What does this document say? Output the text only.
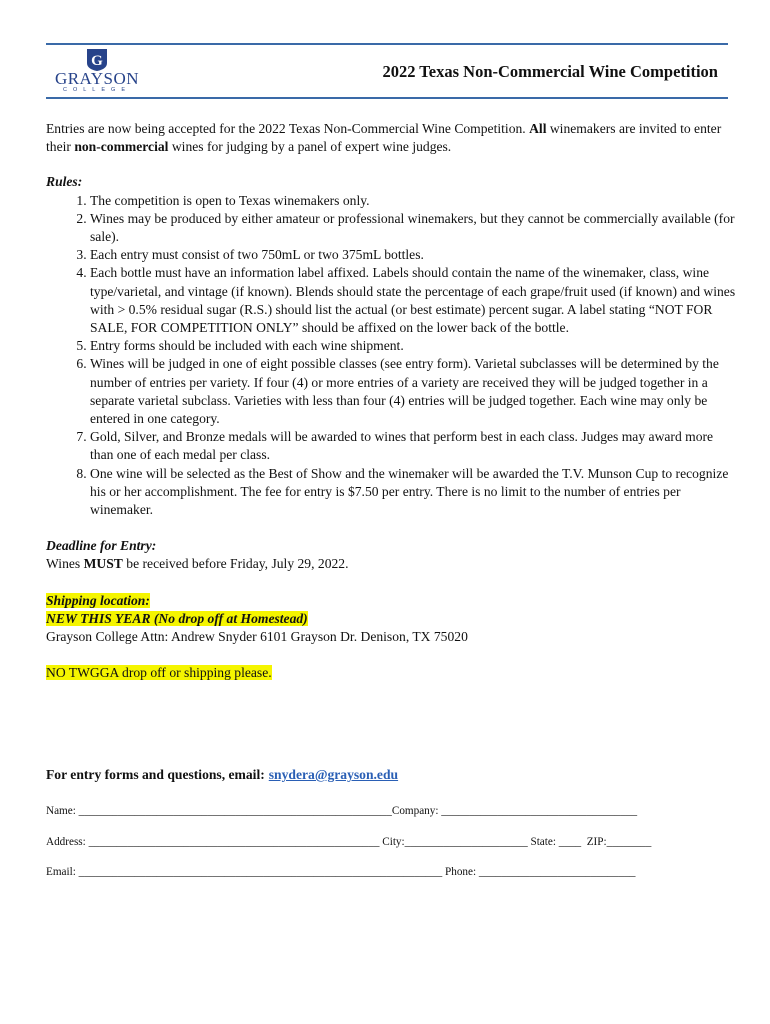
G
GRAYSON
COLLEGE
2022 Texas Non-Commercial Wine Competition

Entries are now being accepted for the 2022 Texas Non-Commercial Wine Competition. All winemakers are invited to enter their non-commercial wines for judging by a panel of expert wine judges.

Rules:

1. The competition is open to Texas winemakers only.
2. Wines may be produced by either amateur or professional winemakers, but they cannot be commercially available (for sale).
3. Each entry must consist of two 750mL or two 375mL bottles.
4. Each bottle must have an information label affixed. Labels should contain the name of the winemaker, class, wine type/varietal, and vintage (if known). Blends should state the percentage of each grape/fruit used (if known) and wines with > 0.5% residual sugar (R.S.) should list the actual (or best estimate) percent sugar. A label stating “NOT FOR SALE, FOR COMPETITION ONLY” should be affixed on the lower back of the bottle.
5. Entry forms should be included with each wine shipment.
6. Wines will be judged in one of eight possible classes (see entry form). Varietal subclasses will be determined by the number of entries per variety. If four (4) or more entries of a variety are received they will be judged together in a separate varietal subclass. Varieties with less than four (4) entries will be judged together. Each wine may only be entered in one category.
7. Gold, Silver, and Bronze medals will be awarded to wines that perform best in each class. Judges may award more than one of each medal per class.
8. One wine will be selected as the Best of Show and the winemaker will be awarded the T.V. Munson Cup to recognize his or her accomplishment. The fee for entry is $7.50 per entry. There is no limit to the number of entries per winemaker.

Deadline for Entry:

Wines MUST be received before Friday, July 29, 2022.

Shipping location:

NEW THIS YEAR (No drop off at Homestead)

Grayson College Attn: Andrew Snyder 6101 Grayson Dr. Denison, TX 75020

NO TWGGA drop off or shipping please.

For entry forms and questions, email: snydera@grayson.edu
Name: ________________________________________________________Company: ___________________________________
Address: ____________________________________________________ City:______________________ State: ____  ZIP:________
Email: _________________________________________________________________ Phone: ____________________________
